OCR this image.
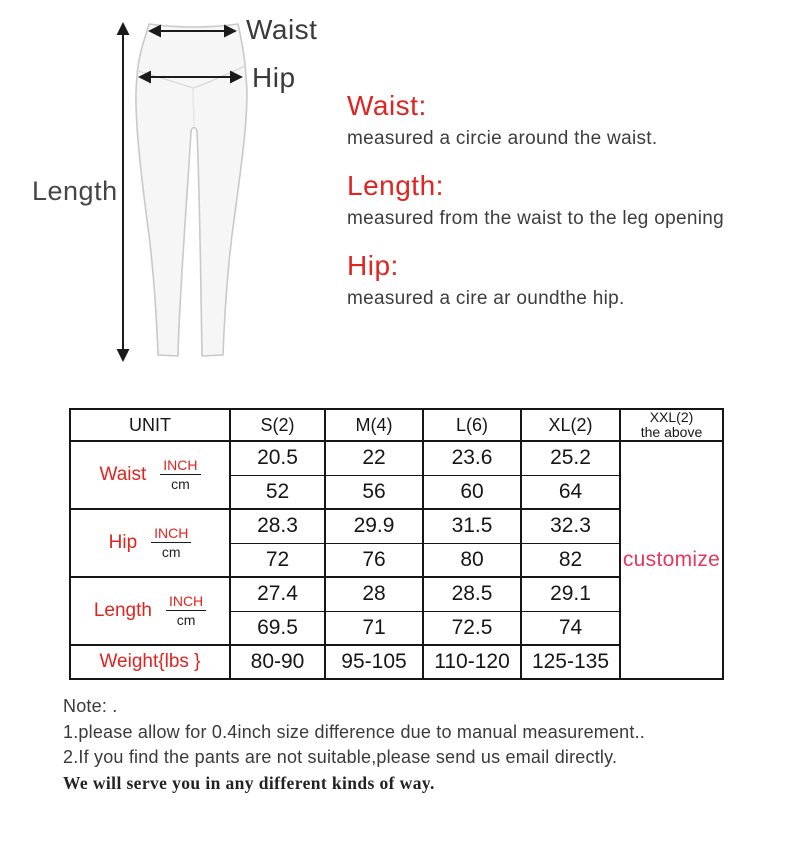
Waist
Hip
Length

Waist:

measured a circie around the waist.

Length:

measured from the waist to the leg opening

Hip:

measured a cire ar oundthe hip.

UNIT	S(2)	M(4)	L(6)	XL(2)	XXL(2)
the above

Waist $\frac{\text{INCH}}{cm}$	20.5	22	23.6	25.2	customize
	52	56	60	64	

Hip $\frac{\text{INCH}}{cm}$	28.3	29.9	31.5	32.3	
	72	76	80	82	

Length $\frac{\text{INCH}}{cm}$	27.4	28	28.5	29.1	
	69.5	71	72.5	74	
Weight{lbs }	80-90	95-105	110-120	125-135	

Note: .

1.please allow for 0.4inch size difference due to manual measurement..

2.If you find the pants are not suitable,please send us email directly.

We will serve you in any different kinds of way.
